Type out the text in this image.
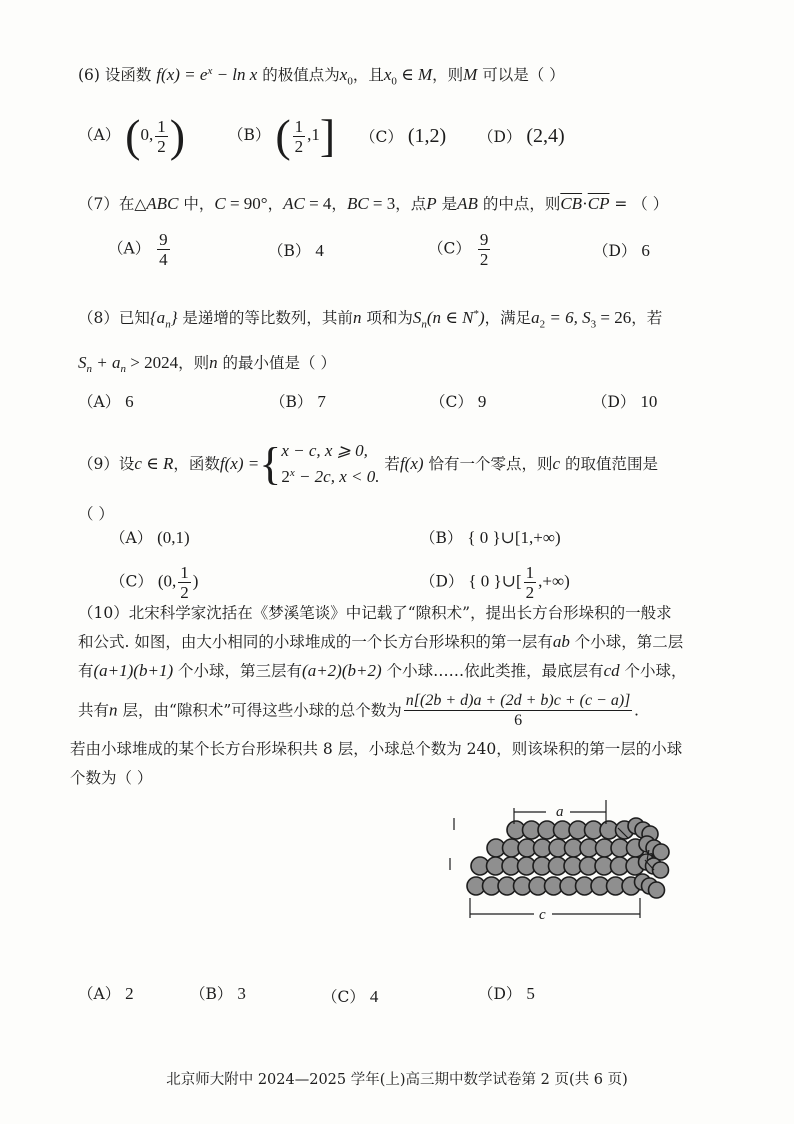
(6) 设函数 $f(x) = e^x - \ln x$ 的极值点为$x_0$，且$x_0$ ∈ M，则M 可以是（ ）
（A） (0, $\frac{1}{2}$ )	（B） ( $\frac{1}{2} ,1$] （C） (1,2) （D） (2,4)
（7）在△ABC 中，C = 90°，AC = 4，BC = 3，点P 是AB 的中点，则$\overline{CB}\cdot\overline{CP}$ = （ ）
$(A) \frac{9}{4}$	（B） 4	$(C) \frac{9}{2}$	（D） 6
（8）已知$\{a_n\}$ 是递增的等比数列，其前n 项和为$S_n(n$ ∈ N*)，满足$a_2 = 6$, $S_3 = 26$，若
$S_n + a_n > 2024$，则n 的最小值是（ ）
（A） 6	（B） 7	（C） 9	（D） 10
（9）设c ∈ R，函数f(x) ={ x − c, x ⩾ 0,
$2^x - 2c$, x < 0.
若f(x) 恰有一个零点，则c 的取值范围是
（ ）
（A） (0,1)	（B） { 0 }∪[1,+∞)
（C） (0, $\frac{1}{2}$ )	（D） { 0 }∪[ $\frac{1}{2}$ ,+∞)
（10）北宋科学家沈括在《梦溪笔谈》中记载了“隙积术”，提出长方台形垛积的一般求
和公式. 如图，由大小相同的小球堆成的一个长方台形垛积的第一层有ab 个小球，第二层
有(a+1)(b+1) 个小球，第三层有(a+2)(b+2) 个小球……依此类推，最底层有cd 个小球，
共有n 层，由“隙积术”可得这些小球的总个数为 $\frac{n[(2b + d)a + (2d + b)c + (c - a)]}{6}$ .
若由小球堆成的某个长方台形垛积共 8 层，小球总个数为 240，则该垛积的第一层的小球
个数为（ ）
a
b
c
（A） 2	（B） 3	（C） 4	（D） 5
北京师大附中 2024—2025 学年(上)高三期中数学试卷第 2 页(共 6 页)
